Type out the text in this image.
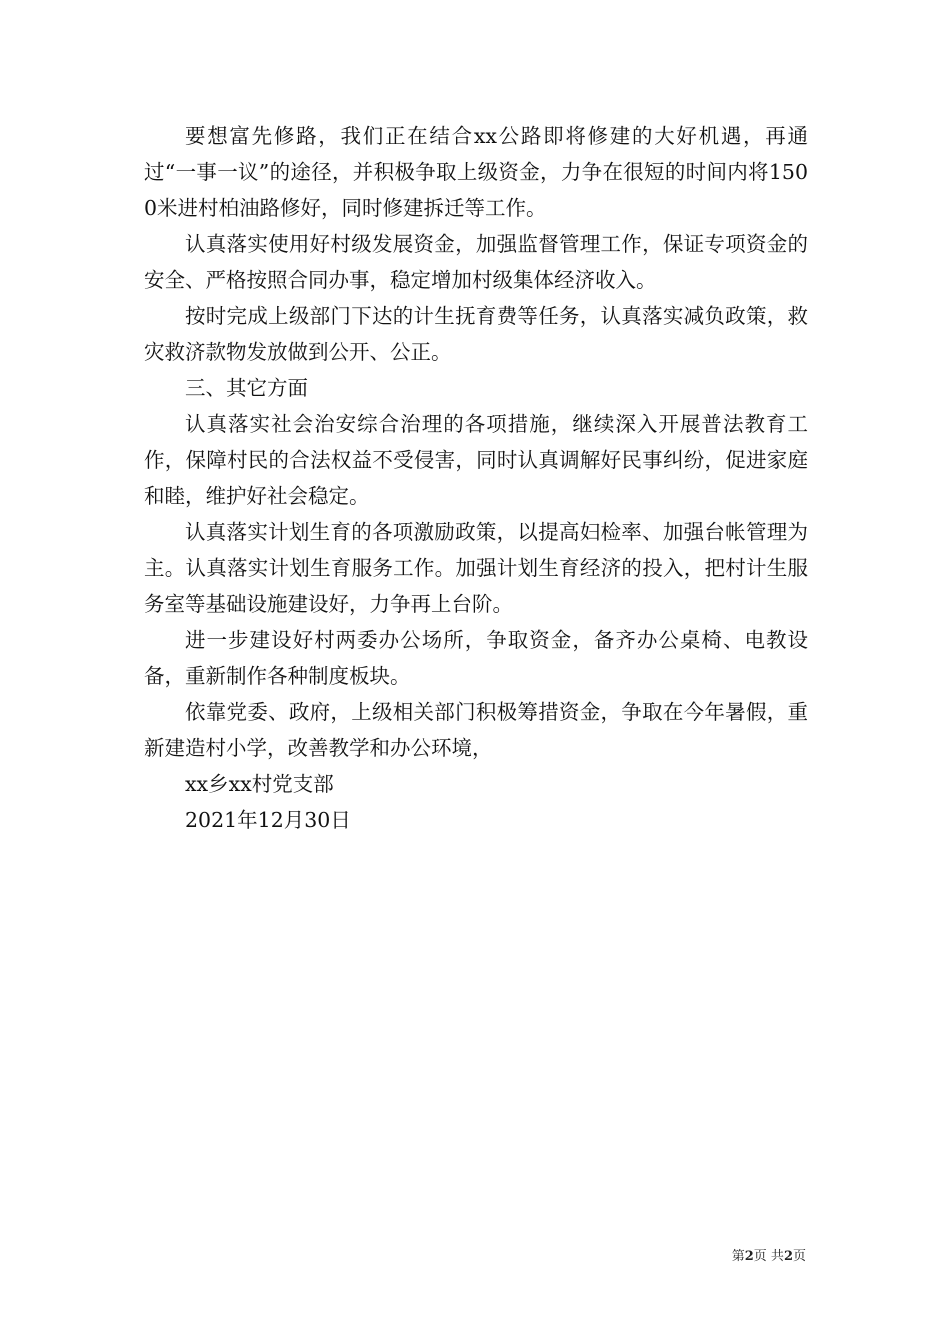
要想富先修路，我们正在结合xx公路即将修建的大好机遇，再通过“一事一议”的途径，并积极争取上级资金，力争在很短的时间内将1500米进村柏油路修好，同时修建拆迁等工作。

认真落实使用好村级发展资金，加强监督管理工作，保证专项资金的安全、严格按照合同办事，稳定增加村级集体经济收入。

按时完成上级部门下达的计生抚育费等任务，认真落实减负政策，救灾救济款物发放做到公开、公正。

三、其它方面

认真落实社会治安综合治理的各项措施，继续深入开展普法教育工作，保障村民的合法权益不受侵害，同时认真调解好民事纠纷，促进家庭和睦，维护好社会稳定。

认真落实计划生育的各项激励政策，以提高妇检率、加强台帐管理为主。认真落实计划生育服务工作。加强计划生育经济的投入，把村计生服务室等基础设施建设好，力争再上台阶。

进一步建设好村两委办公场所，争取资金，备齐办公桌椅、电教设备，重新制作各种制度板块。

依靠党委、政府，上级相关部门积极筹措资金，争取在今年暑假，重新建造村小学，改善教学和办公环境，

xx乡xx村党支部

2021年12月30日

第2页 共2页
